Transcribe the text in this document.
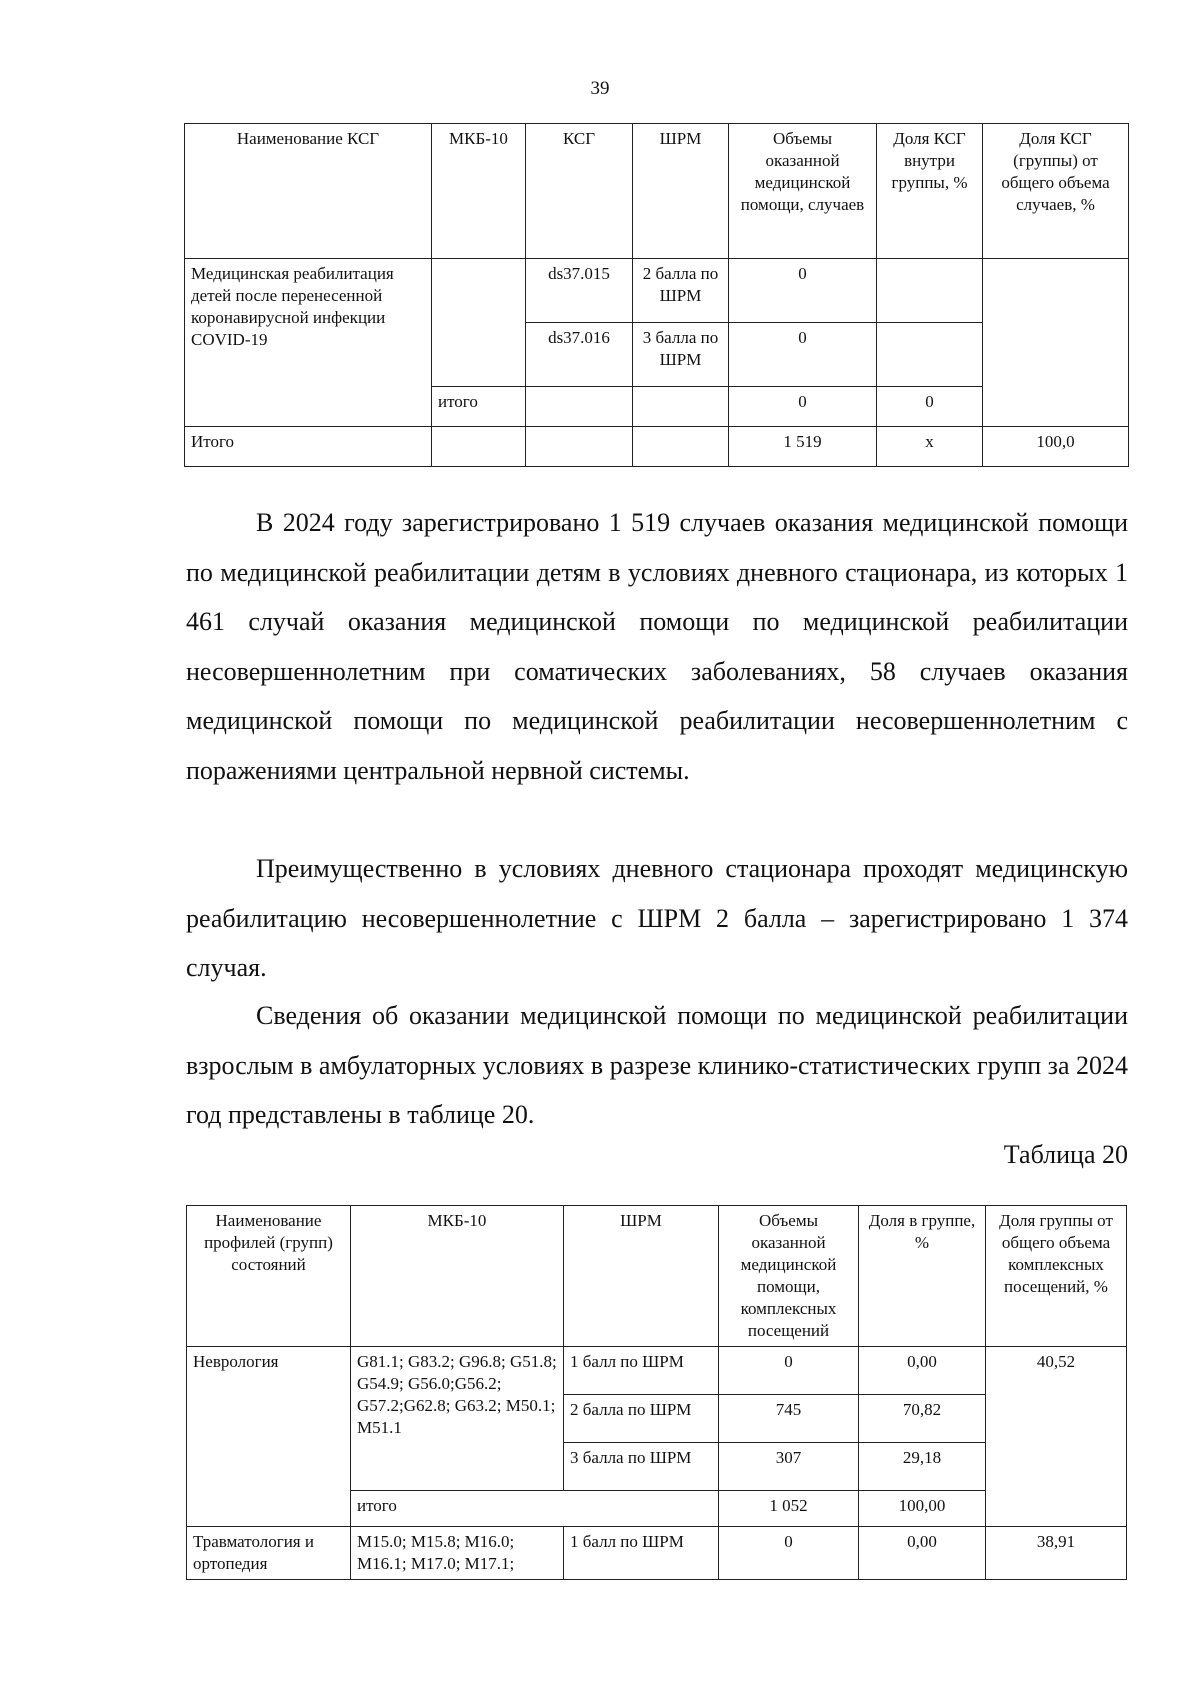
39
Наименование КСГ	МКБ-10	КСГ	ШРМ	Объемы оказанной медицинской помощи, случаев	Доля КСГ внутри группы, %	Доля КСГ (группы) от общего объема случаев, %
Медицинская реабилитация детей после перенесенной коронавирусной инфекции COVID-19		ds37.015	2 балла по ШРМ	0		
		ds37.016	3 балла по ШРМ	0		
	итого			0	0	
Итого				1 519	x	100,0

В 2024 году зарегистрировано 1 519 случаев оказания медицинской помощи по медицинской реабилитации детям в условиях дневного стационара, из которых 1 461 случай оказания медицинской помощи по медицинской реабилитации несовершеннолетним при соматических заболеваниях, 58 случаев оказания медицинской помощи по медицинской реабилитации несовершеннолетним с поражениями центральной нервной системы.

Преимущественно в условиях дневного стационара проходят медицинскую реабилитацию несовершеннолетние с ШРМ 2 балла – зарегистрировано 1 374 случая.

Сведения об оказании медицинской помощи по медицинской реабилитации взрослым в амбулаторных условиях в разрезе клинико-статистических групп за 2024 год представлены в таблице 20.

Таблица 20
Наименование профилей (групп) состояний	МКБ-10	ШРМ	Объемы оказанной медицинской помощи, комплексных посещений	Доля в группе, %	Доля группы от общего объема комплексных посещений, %
Неврология	G81.1; G83.2; G96.8; G51.8; G54.9; G56.0;G56.2; G57.2;G62.8; G63.2; M50.1; M51.1	1 балл по ШРМ	0	0,00	40,52
		2 балла по ШРМ	745	70,82	
		3 балла по ШРМ	307	29,18	
	итого		1 052	100,00	
Травматология и ортопедия	M15.0; M15.8; M16.0; M16.1; M17.0; M17.1;	1 балл по ШРМ	0	0,00	38,91
